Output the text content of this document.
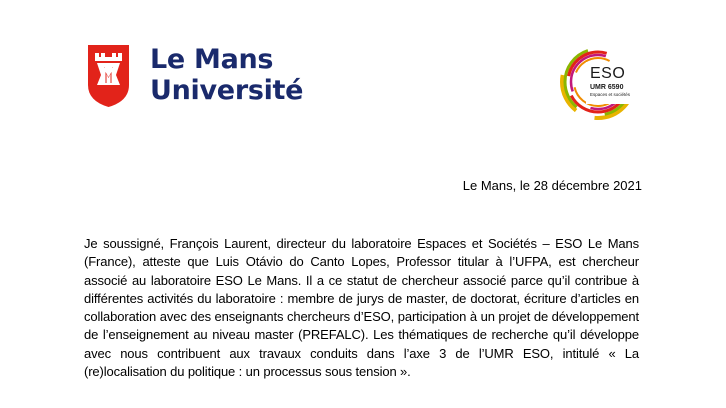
Le Mans
Université
ESO
UMR 6590
Espaces et sociétés
Le Mans, le 28 décembre 2021

Je soussigné, François Laurent, directeur du laboratoire Espaces et Sociétés – ESO Le Mans (France), atteste que Luis Otávio do Canto Lopes, Professor titular à l’UFPA, est chercheur associé au laboratoire ESO Le Mans. Il a ce statut de chercheur associé parce qu’il contribue à différentes activités du laboratoire : membre de jurys de master, de doctorat, écriture d’articles en collaboration avec des enseignants chercheurs d’ESO, participation à un projet de développement de l’enseignement au niveau master (PREFALC). Les thématiques de recherche qu’il développe avec nous contribuent aux travaux conduits dans l’axe 3 de l’UMR ESO, intitulé « La (re)localisation du politique : un processus sous tension ».
